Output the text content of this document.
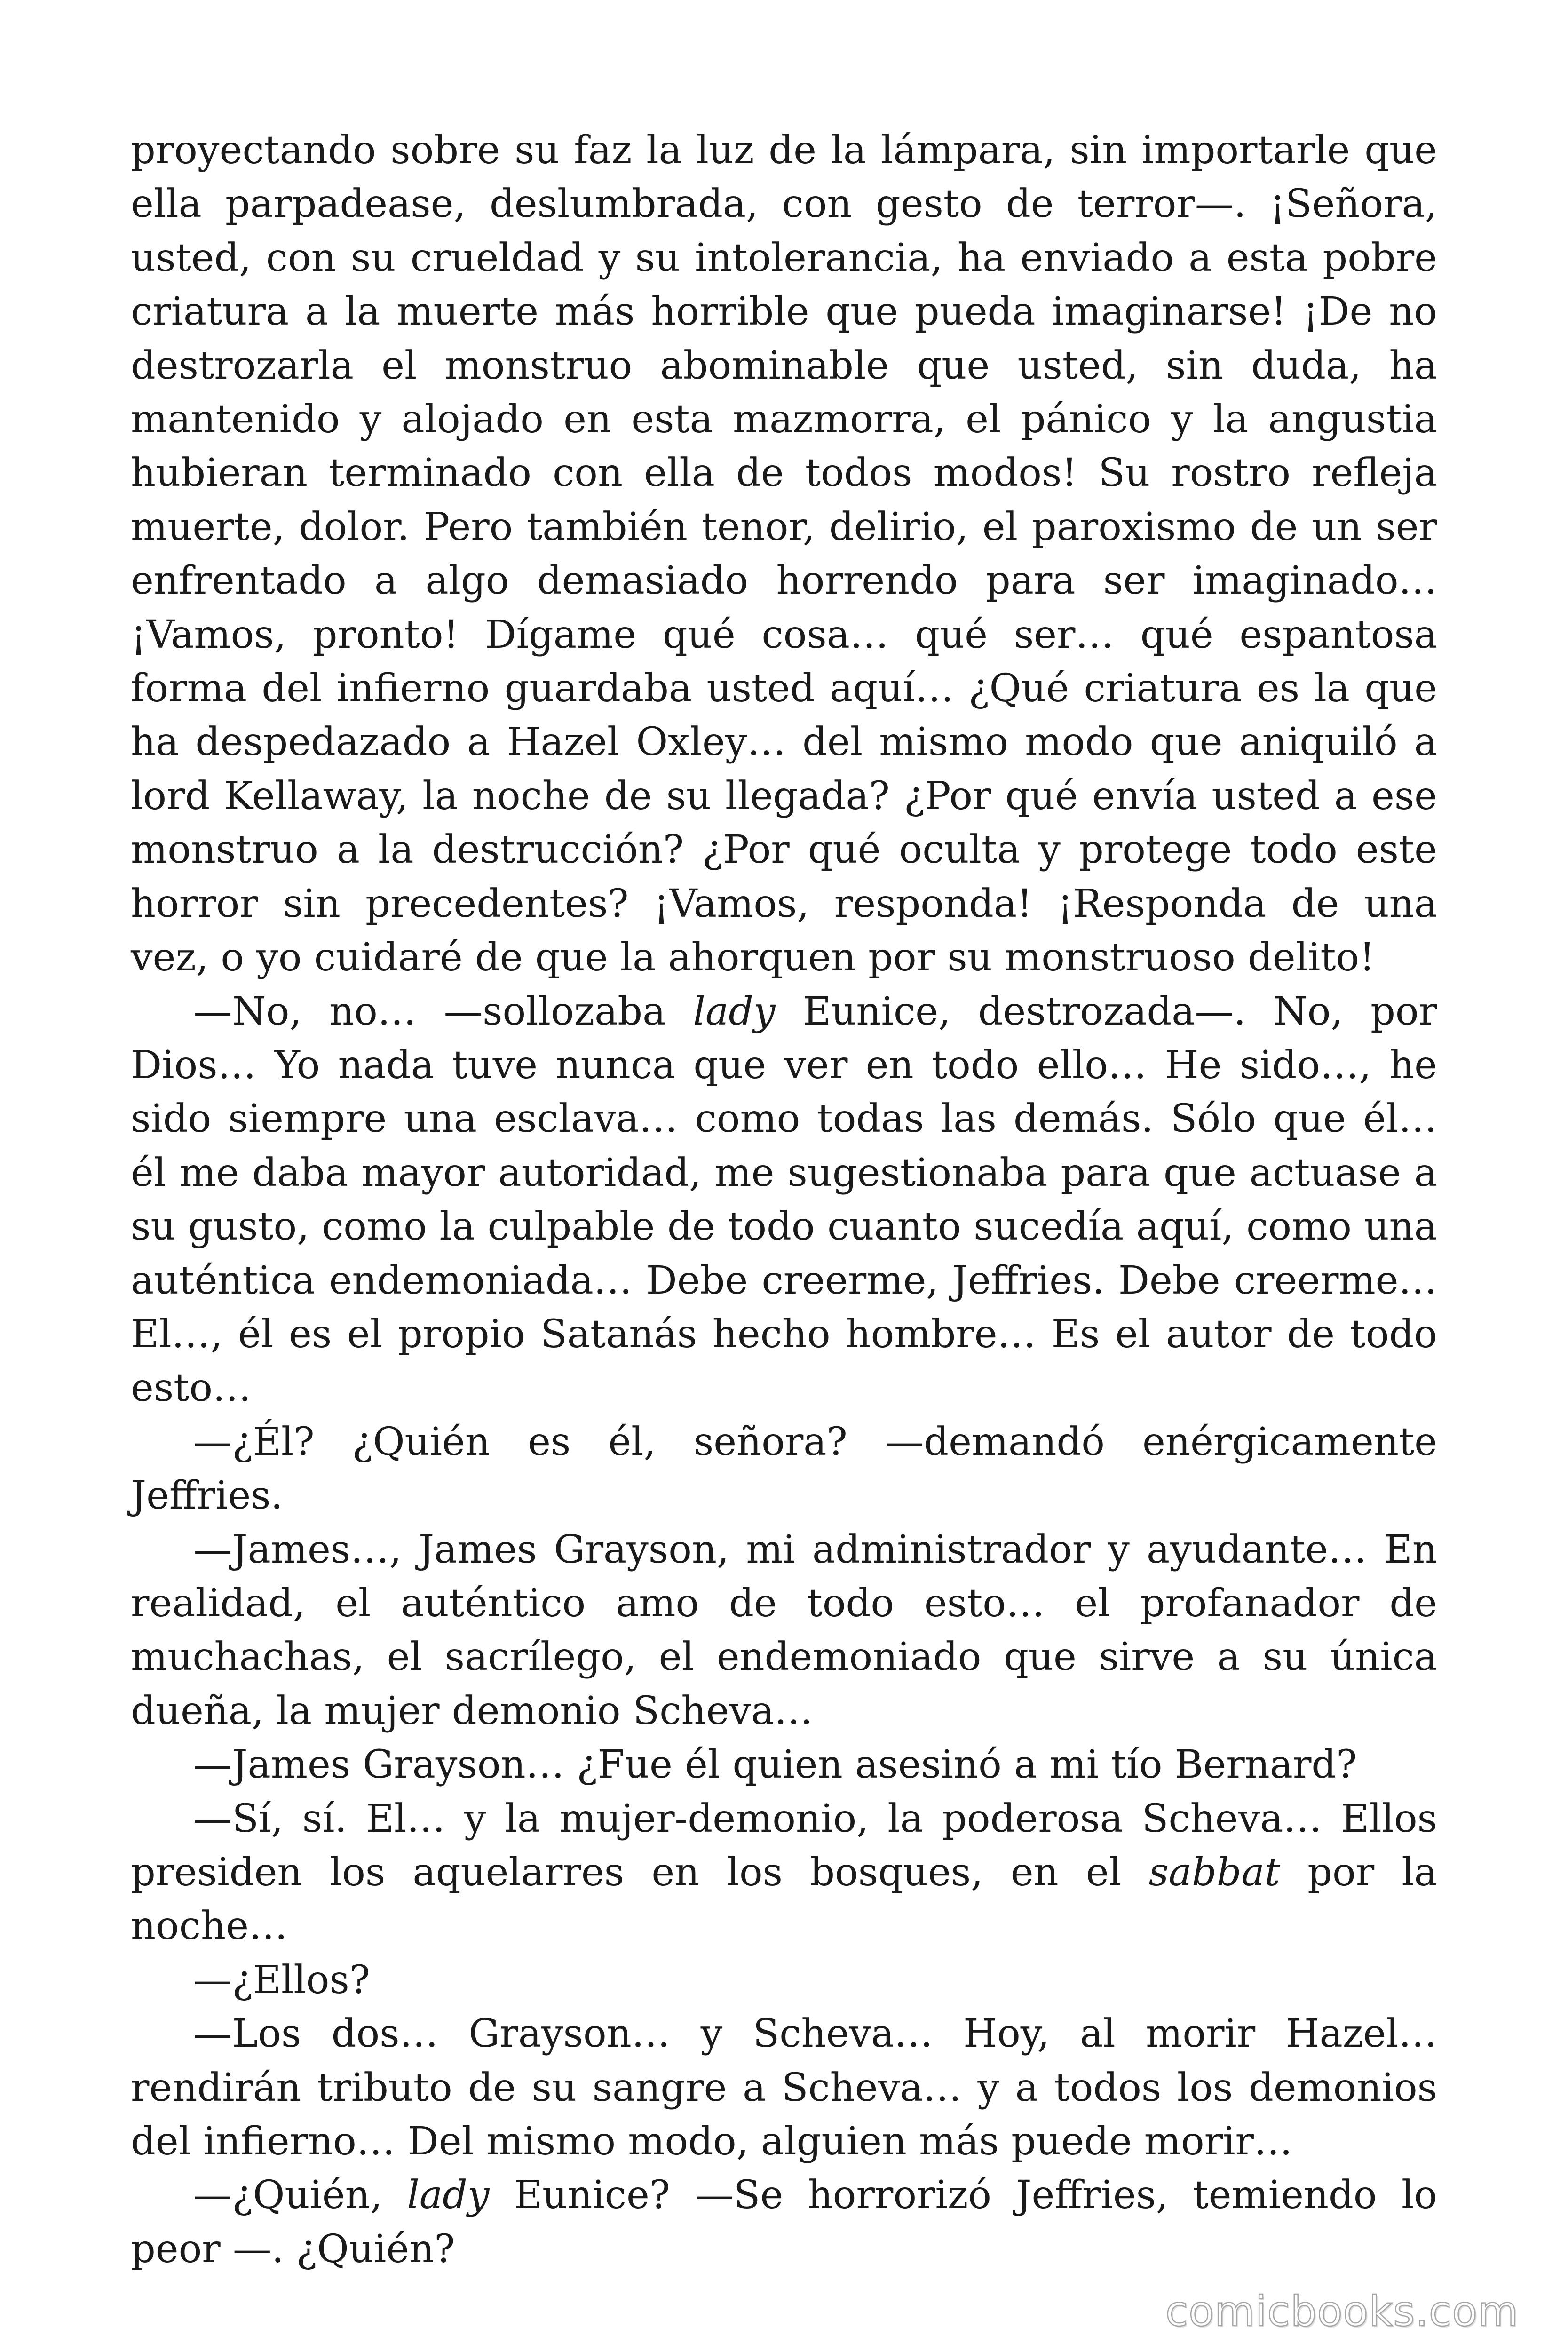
proyectando sobre su faz la luz de la lámpara, sin importarle que ella parpadease, deslumbrada, con gesto de terror—. ¡Señora, usted, con su crueldad y su intolerancia, ha enviado a esta pobre criatura a la muerte más horrible que pueda imaginarse! ¡De no destrozarla el monstruo abominable que usted, sin duda, ha mantenido y alojado en esta mazmorra, el pánico y la angustia hubieran terminado con ella de todos modos! Su rostro refleja muerte, dolor. Pero también tenor, delirio, el paroxismo de un ser enfrentado a algo demasiado horrendo para ser imaginado… ¡Vamos, pronto! Dígame qué cosa… qué ser… qué espantosa forma del infierno guardaba usted aquí… ¿Qué criatura es la que ha despedazado a Hazel Oxley… del mismo modo que aniquiló a lord Kellaway, la noche de su llegada? ¿Por qué envía usted a ese monstruo a la destrucción? ¿Por qué oculta y protege todo este horror sin precedentes? ¡Vamos, responda! ¡Responda de una vez, o yo cuidaré de que la ahorquen por su monstruoso delito!

—No, no… —sollozaba lady Eunice, destrozada—. No, por Dios… Yo nada tuve nunca que ver en todo ello… He sido…, he sido siempre una esclava… como todas las demás. Sólo que él… él me daba mayor autoridad, me sugestionaba para que actuase a su gusto, como la culpable de todo cuanto sucedía aquí, como una auténtica endemoniada… Debe creerme, Jeffries. Debe creerme… El…, él es el propio Satanás hecho hombre… Es el autor de todo esto…

—¿Él? ¿Quién es él, señora? —demandó enérgicamente Jeffries.

—James…, James Grayson, mi administrador y ayudante… En realidad, el auténtico amo de todo esto… el profanador de muchachas, el sacrílego, el endemoniado que sirve a su única dueña, la mujer demonio Scheva…

—James Grayson… ¿Fue él quien asesinó a mi tío Bernard?

—Sí, sí. El… y la mujer-demonio, la poderosa Scheva… Ellos presiden los aquelarres en los bosques, en el sabbat por la noche…

—¿Ellos?

—Los dos… Grayson… y Scheva… Hoy, al morir Hazel… rendirán tributo de su sangre a Scheva… y a todos los demonios del infierno… Del mismo modo, alguien más puede morir…

—¿Quién, lady Eunice? —Se horrorizó Jeffries, temiendo lo peor —. ¿Quién?

comicbooks.com
